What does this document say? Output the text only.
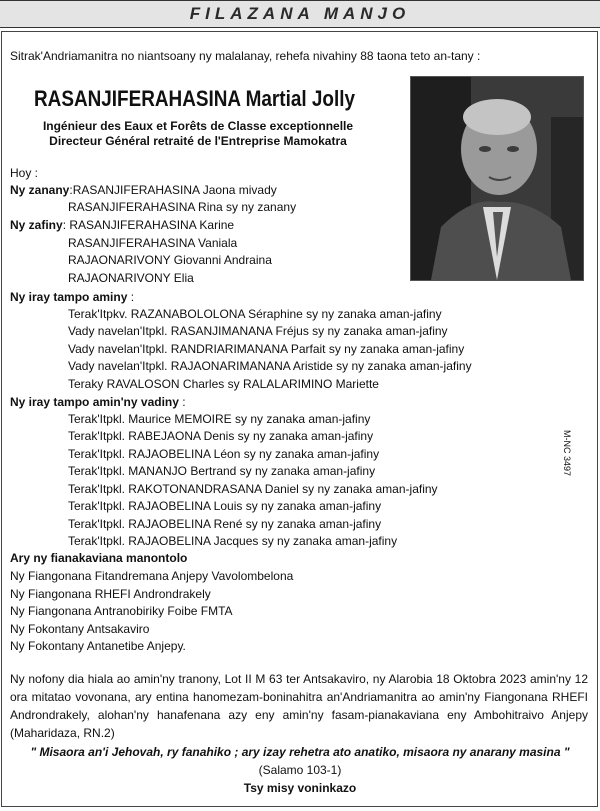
FILAZANA MANJO
Sitrak'Andriamanitra no niantsoany ny malalanay, rehefa nivahiny 88 taona teto an-tany :
RASANJIFERAHASINA Martial Jolly
Ingénieur des Eaux et Forêts de Classe exceptionnelle
Directeur Général retraité de l'Entreprise Mamokatra
Hoy :
Ny zanany:RASANJIFERAHASINA Jaona mivady
RASANJIFERAHASINA Rina sy ny zanany
Ny zafiny: RASANJIFERAHASINA Karine
RASANJIFERAHASINA Vaniala
RAJAONARIVONY Giovanni Andraina
RAJAONARIVONY Elia
Ny iray tampo aminy :
Terak'Itpkv. RAZANABOLOLONA Séraphine sy ny zanaka aman-jafiny
Vady navelan'Itpkl. RASANJIMANANA Fréjus sy ny zanaka aman-jafiny
Vady navelan'Itpkl. RANDRIARIMANANA Parfait sy ny zanaka aman-jafiny
Vady navelan'Itpkl. RAJAONARIMANANA Aristide sy ny zanaka aman-jafiny
Teraky RAVALOSON Charles sy RALALARIMINO Mariette
Ny iray tampo amin'ny vadiny :
Terak'Itpkl. Maurice MEMOIRE sy ny zanaka aman-jafiny
Terak'Itpkl. RABEJAONA Denis sy ny zanaka aman-jafiny
Terak'Itpkl. RAJAOBELINA Léon sy ny zanaka aman-jafiny
Terak'Itpkl. MANANJO Bertrand sy ny zanaka aman-jafiny
Terak'Itpkl. RAKOTONANDRASANA Daniel sy ny zanaka aman-jafiny
Terak'Itpkl. RAJAOBELINA Louis sy ny zanaka aman-jafiny
Terak'Itpkl. RAJAOBELINA René sy ny zanaka aman-jafiny
Terak'Itpkl. RAJAOBELINA Jacques sy ny zanaka aman-jafiny
Ary ny fianakaviana manontolo
Ny Fiangonana Fitandremana Anjepy Vavolombelona
Ny Fiangonana RHEFI Androndrakely
Ny Fiangonana Antranobiriky Foibe FMTA
Ny Fokontany Antsakaviro
Ny Fokontany Antanetibe Anjepy.
M-NC 3497
Ny nofony dia hiala ao amin'ny tranony, Lot II M 63 ter Antsakaviro, ny Alarobia 18 Oktobra 2023 amin'ny 12 ora mitatao vovonana, ary entina hanomezam-boninahitra an'Andriamanitra ao amin'ny Fiangonana RHEFI Androndrakely, alohan'ny hanafenana azy eny amin'ny fasam-pianakaviana eny Ambohitraivo Anjepy (Maharidaza, RN.2)
" Misaora an'i Jehovah, ry fanahiko ; ary izay rehetra ato anatiko, misaora ny anarany masina "
(Salamo 103-1)
Tsy misy voninkazo
